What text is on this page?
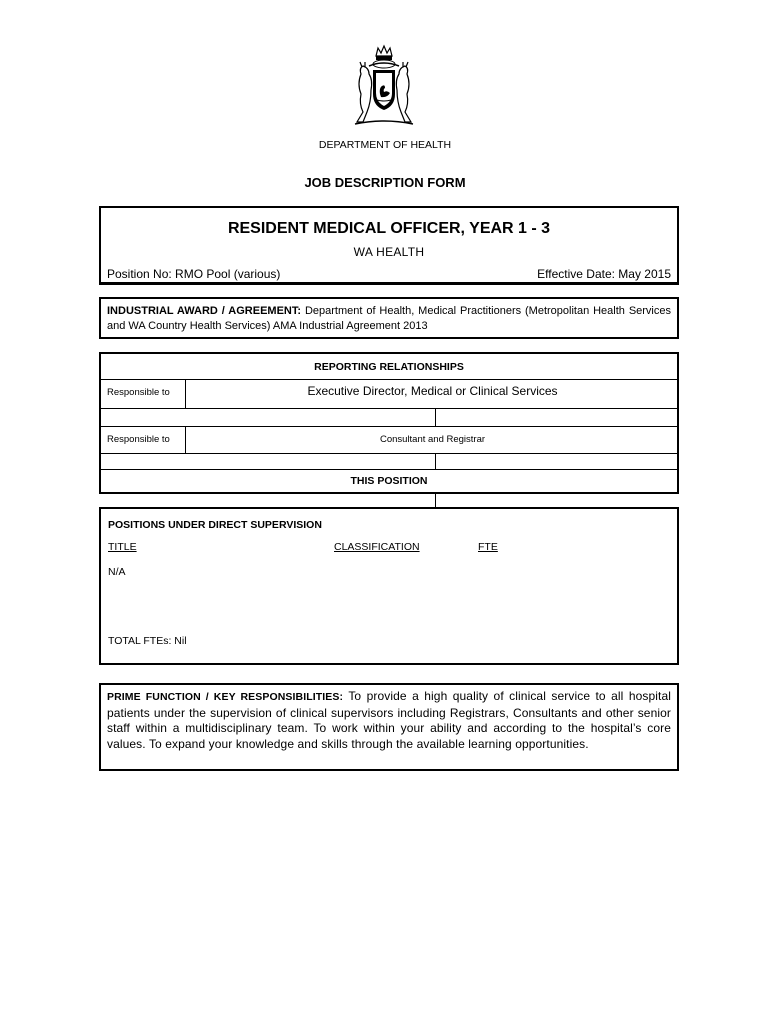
DEPARTMENT OF HEALTH
JOB DESCRIPTION FORM
RESIDENT MEDICAL OFFICER, YEAR 1 - 3
WA HEALTH
Position No: RMO Pool (various)	Effective Date: May 2015
INDUSTRIAL AWARD / AGREEMENT: Department of Health, Medical Practitioners (Metropolitan Health Services and WA Country Health Services) AMA Industrial Agreement 2013
REPORTING RELATIONSHIPS
Responsible to	Executive Director, Medical or Clinical Services
Responsible to	Consultant and Registrar
THIS POSITION
POSITIONS UNDER DIRECT SUPERVISION
TITLE	CLASSIFICATION	FTE
N/A
TOTAL FTEs: Nil
PRIME FUNCTION / KEY RESPONSIBILITIES: To provide a high quality of clinical service to all hospital patients under the supervision of clinical supervisors including Registrars, Consultants and other senior staff within a multidisciplinary team. To work within your ability and according to the hospital’s core values. To expand your knowledge and skills through the available learning opportunities.
